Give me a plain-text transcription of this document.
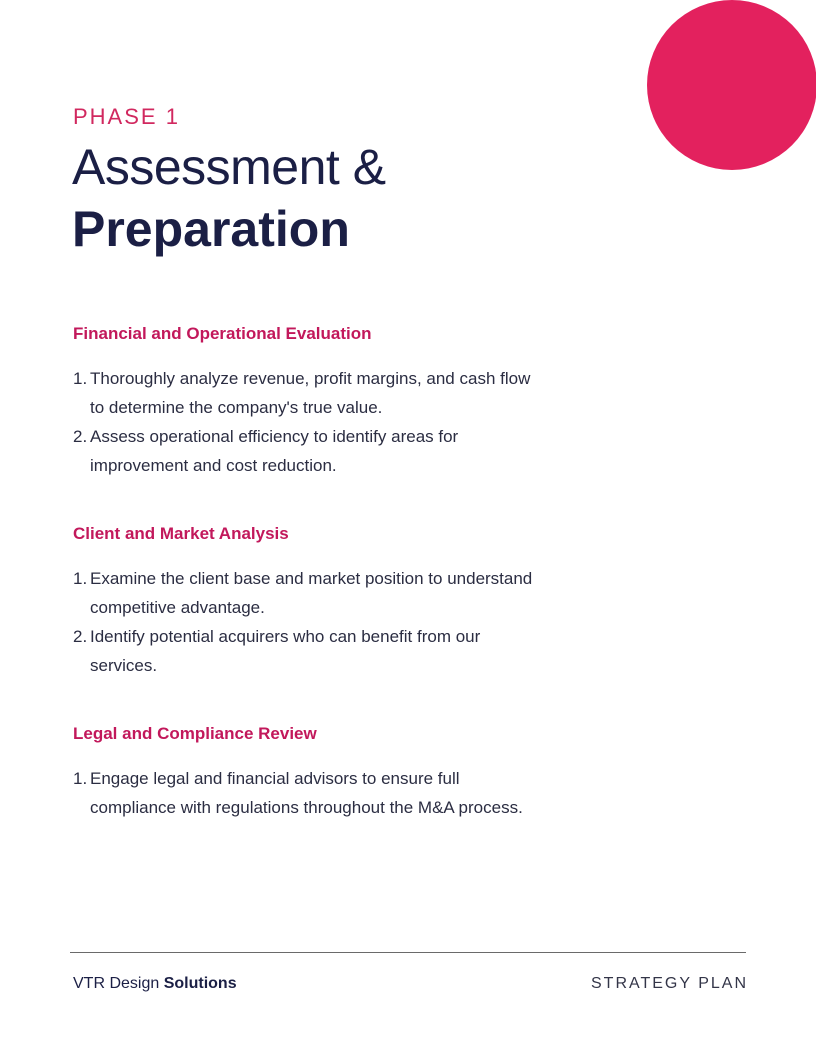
PHASE 1
Assessment &
Preparation
Financial and Operational Evaluation
1. Thoroughly analyze revenue, profit margins, and cash flow to determine the company's true value.
2. Assess operational efficiency to identify areas for improvement and cost reduction.
Client and Market Analysis
1. Examine the client base and market position to understand competitive advantage.
2. Identify potential acquirers who can benefit from our services.
Legal and Compliance Review
1. Engage legal and financial advisors to ensure full compliance with regulations throughout the M&A process.
VTR Design Solutions	STRATEGY PLAN
